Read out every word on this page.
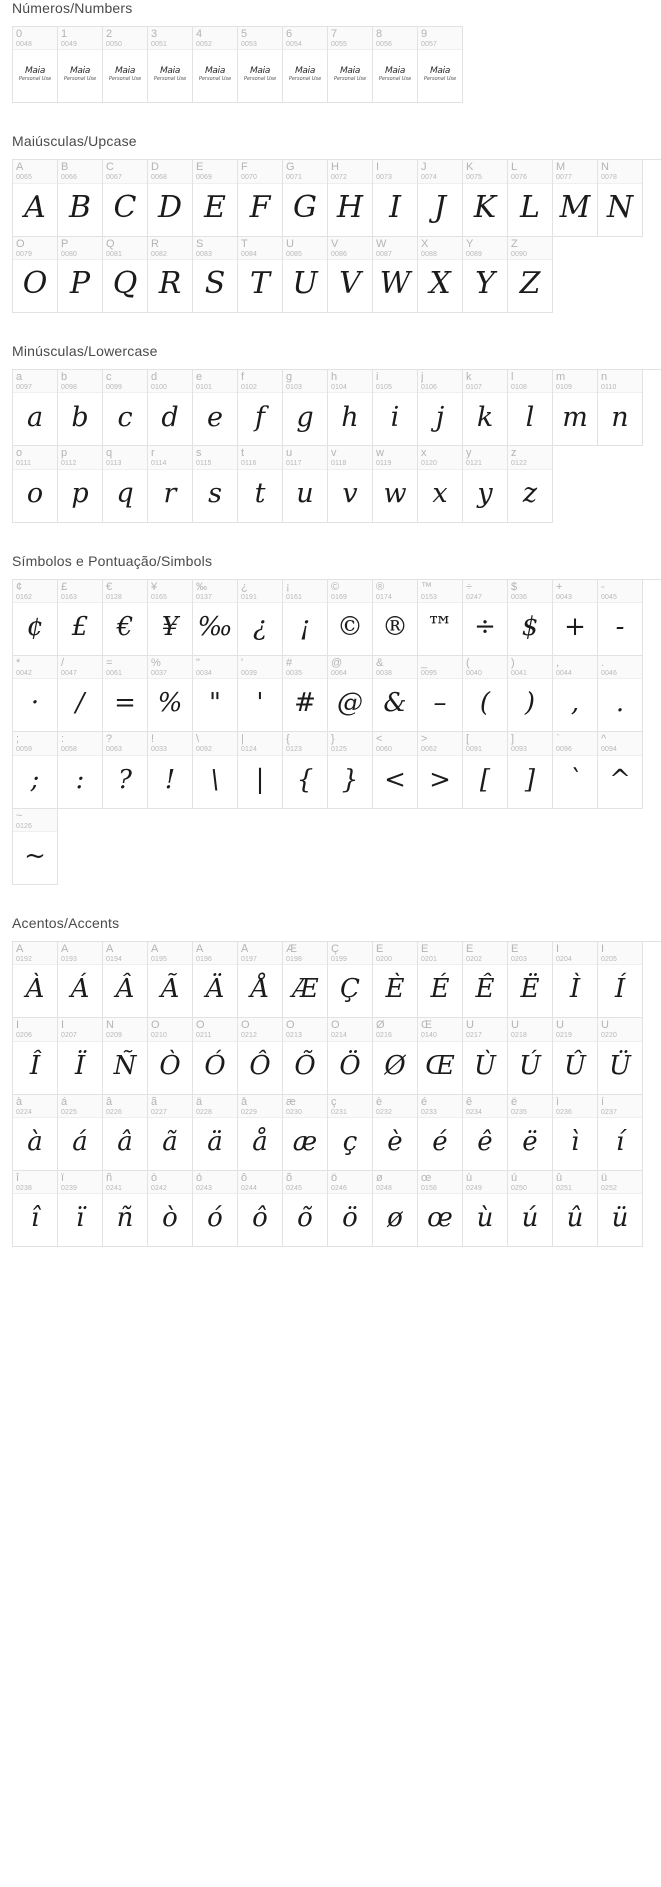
Números/Numbers
0
0048
Maia
Personal Use
1
0049
Maia
Personal Use
2
0050
Maia
Personal Use
3
0051
Maia
Personal Use
4
0052
Maia
Personal Use
5
0053
Maia
Personal Use
6
0054
Maia
Personal Use
7
0055
Maia
Personal Use
8
0056
Maia
Personal Use
9
0057
Maia
Personal Use
Maiúsculas/Upcase
A
0065
A
B
0066
B
C
0067
C
D
0068
D
E
0069
E
F
0070
F
G
0071
G
H
0072
H
I
0073
I
J
0074
J
K
0075
K
L
0076
L
M
0077
M
N
0078
N
O
0079
O
P
0080
P
Q
0081
Q
R
0082
R
S
0083
S
T
0084
T
U
0085
U
V
0086
V
W
0087
W
X
0088
X
Y
0089
Y
Z
0090
Z
Minúsculas/Lowercase
a
0097
a
b
0098
b
c
0099
c
d
0100
d
e
0101
e
f
0102
f
g
0103
g
h
0104
h
i
0105
i
j
0106
j
k
0107
k
l
0108
l
m
0109
m
n
0110
n
o
0111
o
p
0112
p
q
0113
q
r
0114
r
s
0115
s
t
0116
t
u
0117
u
v
0118
v
w
0119
w
x
0120
x
y
0121
y
z
0122
z
Símbolos e Pontuação/Simbols
¢
0162
¢
£
0163
£
€
0128
€
¥
0165
¥
‰
0137
‰
¿
0191
¿
¡
0161
¡
©
0169
©
®
0174
®
™
0153
™
÷
0247
÷
$
0036
$
+
0043
+
-
0045
-
*
0042
·
/
0047
/
=
0061
=
%
0037
%
"
0034
"
'
0039
'
#
0035
#
@
0064
@
&
0038
&
_
0095
–
(
0040
(
)
0041
)
,
0044
,
.
0046
.
;
0059
;
:
0058
:
?
0063
?
!
0033
!
\
0092
\
|
0124
|
{
0123
{
}
0125
}
<
0060
<
>
0062
>
[
0091
[
]
0093
]
`
0096
`
^
0094
^
~
0126
~
Acentos/Accents
À
0192
À
Á
0193
Á
Â
0194
Â
Ã
0195
Ã
Ä
0196
Ä
Å
0197
Å
Æ
0198
Æ
Ç
0199
Ç
È
0200
È
É
0201
É
Ê
0202
Ê
Ë
0203
Ë
Ì
0204
Ì
Í
0205
Í
Î
0206
Î
Ï
0207
Ï
Ñ
0209
Ñ
Ò
0210
Ò
Ó
0211
Ó
Ô
0212
Ô
Õ
0213
Õ
Ö
0214
Ö
Ø
0216
Ø
Œ
0140
Œ
Ù
0217
Ù
Ú
0218
Ú
Û
0219
Û
Ü
0220
Ü
à
0224
à
á
0225
á
â
0226
â
ã
0227
ã
ä
0228
ä
å
0229
å
æ
0230
æ
ç
0231
ç
è
0232
è
é
0233
é
ê
0234
ê
ë
0235
ë
ì
0236
ì
í
0237
í
î
0238
î
ï
0239
ï
ñ
0241
ñ
ò
0242
ò
ó
0243
ó
ô
0244
ô
õ
0245
õ
ö
0246
ö
ø
0248
ø
œ
0156
œ
ù
0249
ù
ú
0250
ú
û
0251
û
ü
0252
ü
